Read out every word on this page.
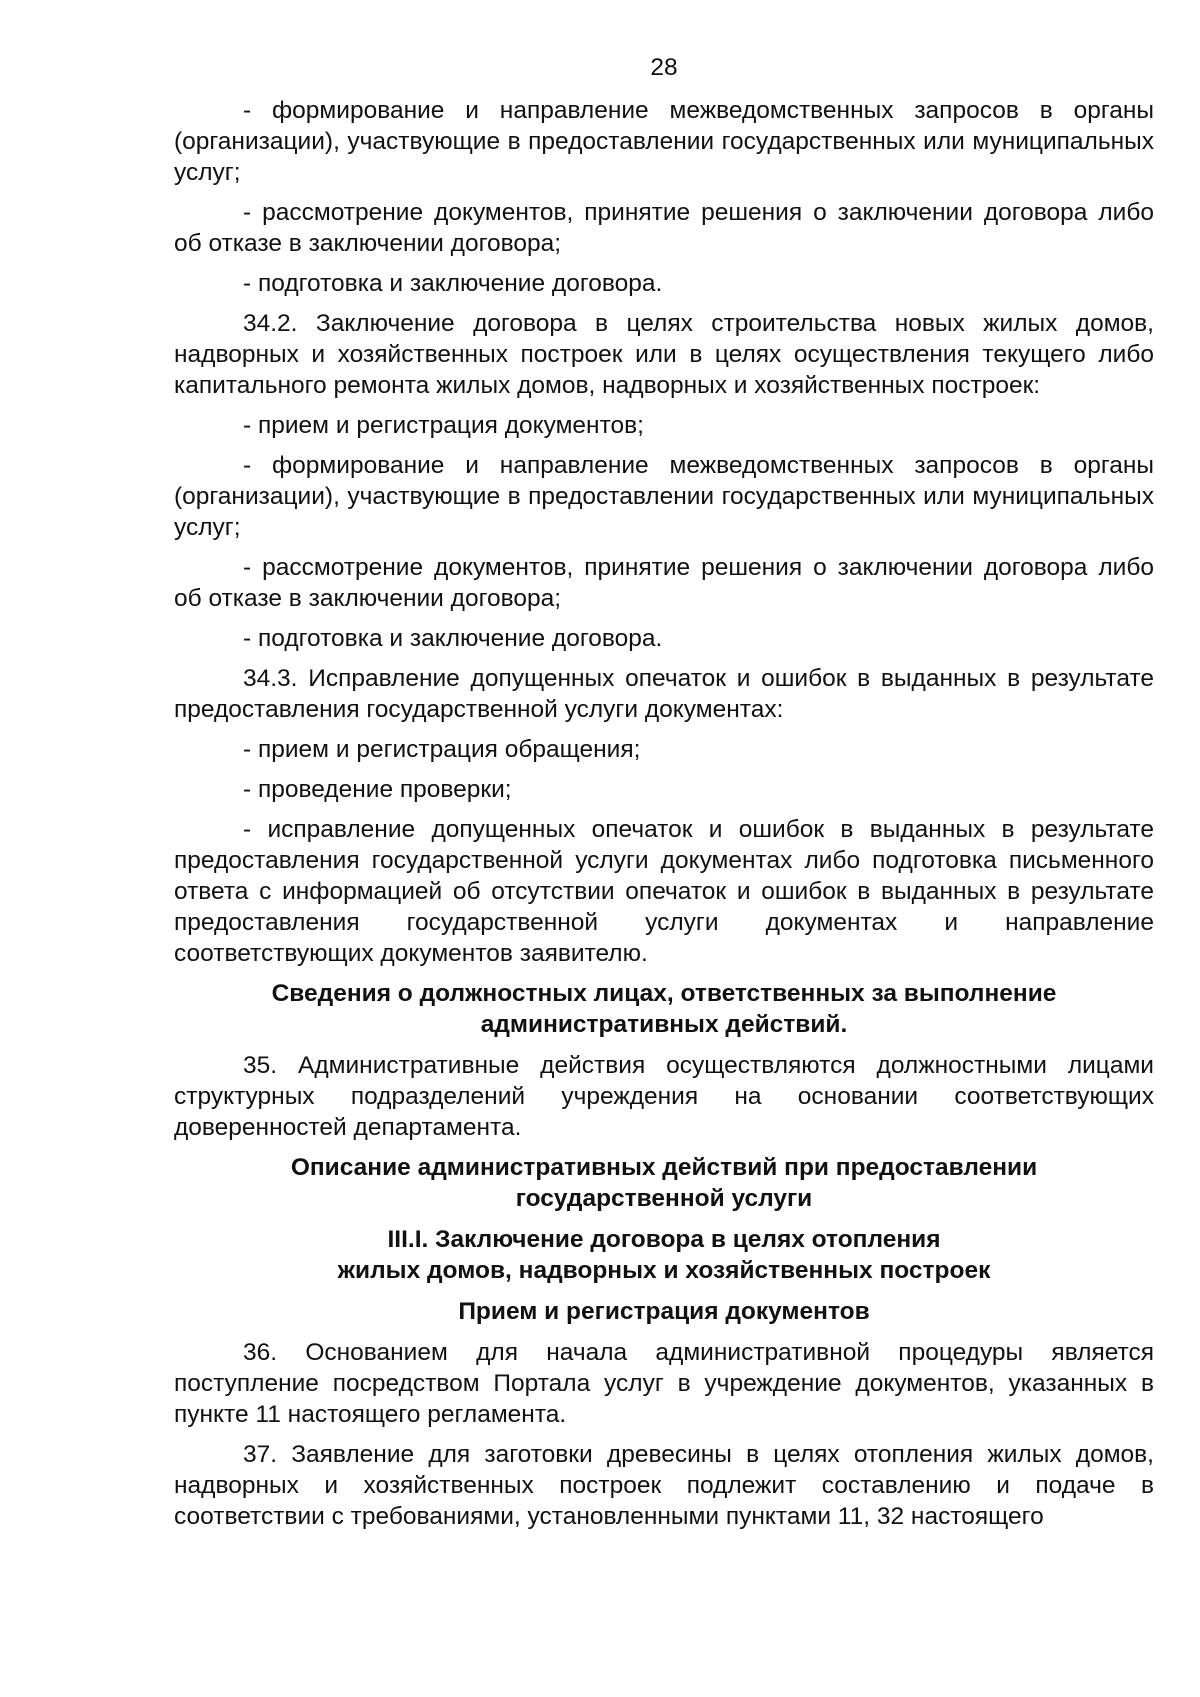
28

- формирование и направление межведомственных запросов в органы (организации), участвующие в предоставлении государственных или муниципальных услуг;

- рассмотрение документов, принятие решения о заключении договора либо об отказе в заключении договора;

- подготовка и заключение договора.

34.2. Заключение договора в целях строительства новых жилых домов, надворных и хозяйственных построек или в целях осуществления текущего либо капитального ремонта жилых домов, надворных и хозяйственных построек:

- прием и регистрация документов;

- формирование и направление межведомственных запросов в органы (организации), участвующие в предоставлении государственных или муниципальных услуг;

- рассмотрение документов, принятие решения о заключении договора либо об отказе в заключении договора;

- подготовка и заключение договора.

34.3. Исправление допущенных опечаток и ошибок в выданных в результате предоставления государственной услуги документах:

- прием и регистрация обращения;

- проведение проверки;

- исправление допущенных опечаток и ошибок в выданных в результате предоставления государственной услуги документах либо подготовка письменного ответа с информацией об отсутствии опечаток и ошибок в выданных в результате предоставления государственной услуги документах и направление соответствующих документов заявителю.

Сведения о должностных лицах, ответственных за выполнение
административных действий.

35. Административные действия осуществляются должностными лицами структурных подразделений учреждения на основании соответствующих доверенностей департамента.

Описание административных действий при предоставлении
государственной услуги
III.I. Заключение договора в целях отопления
жилых домов, надворных и хозяйственных построек
Прием и регистрация документов

36. Основанием для начала административной процедуры является поступление посредством Портала услуг в учреждение документов, указанных в пункте 11 настоящего регламента.

37. Заявление для заготовки древесины в целях отопления жилых домов, надворных и хозяйственных построек подлежит составлению и подаче в соответствии с требованиями, установленными пунктами 11, 32 настоящего
